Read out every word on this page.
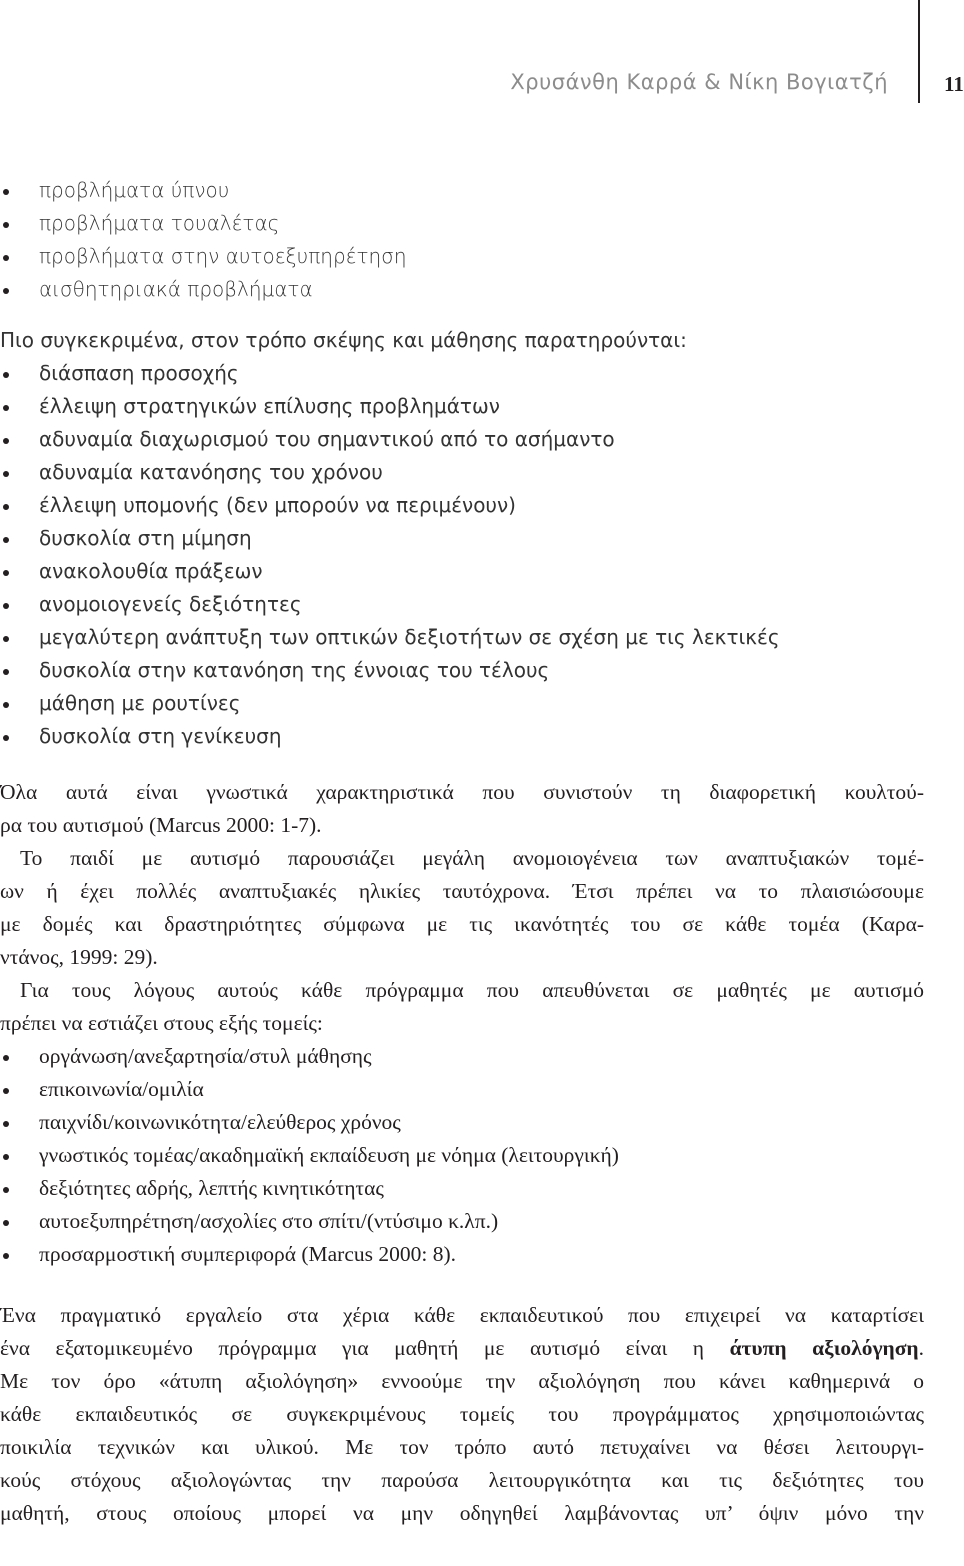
Χρυσάνθη Καρρά & Νίκη Βογιατζή	11
προβλήματα ύπνου
προβλήματα τουαλέτας
προβλήματα στην αυτοεξυπηρέτηση
αισθητηριακά προβλήματα

Πιο συγκεκριμένα, στον τρόπο σκέψης και μάθησης παρατηρούνται:

διάσπαση προσοχής
έλλειψη στρατηγικών επίλυσης προβλημάτων
αδυναμία διαχωρισμού του σημαντικού από το ασήμαντο
αδυναμία κατανόησης του χρόνου
έλλειψη υπομονής (δεν μπορούν να περιμένουν)
δυσκολία στη μίμηση
ανακολουθία πράξεων
ανομοιογενείς δεξιότητες
μεγαλύτερη ανάπτυξη των οπτικών δεξιοτήτων σε σχέση με τις λεκτικές
δυσκολία στην κατανόηση της έννοιας του τέλους
μάθηση με ρουτίνες
δυσκολία στη γενίκευση

Όλα αυτά είναι γνωστικά χαρακτηριστικά που συνιστούν τη διαφορετική κουλτού-
ρα του αυτισμού (Marcus 2000: 1-7).

Το παιδί με αυτισμό παρουσιάζει μεγάλη ανομοιογένεια των αναπτυξιακών τομέ-
ων ή έχει πολλές αναπτυξιακές ηλικίες ταυτόχρονα. Έτσι πρέπει να το πλαισιώσουμε
με δομές και δραστηριότητες σύμφωνα με τις ικανότητές του σε κάθε τομέα (Καρα-
ντάνος, 1999: 29).

Για τους λόγους αυτούς κάθε πρόγραμμα που απευθύνεται σε μαθητές με αυτισμό
πρέπει να εστιάζει στους εξής τομείς:

οργάνωση/ανεξαρτησία/στυλ μάθησης
επικοινωνία/ομιλία
παιχνίδι/κοινωνικότητα/ελεύθερος χρόνος
γνωστικός τομέας/ακαδημαϊκή εκπαίδευση με νόημα (λειτουργική)
δεξιότητες αδρής, λεπτής κινητικότητας
αυτοεξυπηρέτηση/ασχολίες στο σπίτι/(ντύσιμο κ.λπ.)
προσαρμοστική συμπεριφορά (Marcus 2000: 8).

Ένα πραγματικό εργαλείο στα χέρια κάθε εκπαιδευτικού που επιχειρεί να καταρτίσει
ένα εξατομικευμένο πρόγραμμα για μαθητή με αυτισμό είναι η άτυπη αξιολόγηση.
Με τον όρο «άτυπη αξιολόγηση» εννοούμε την αξιολόγηση που κάνει καθημερινά ο
κάθε εκπαιδευτικός σε συγκεκριμένους τομείς του προγράμματος χρησιμοποιώντας
ποικιλία τεχνικών και υλικού. Με τον τρόπο αυτό πετυχαίνει να θέσει λειτουργι-
κούς στόχους αξιολογώντας την παρούσα λειτουργικότητα και τις δεξιότητες του
μαθητή, στους οποίους μπορεί να μην οδηγηθεί λαμβάνοντας υπ’ όψιν μόνο την
